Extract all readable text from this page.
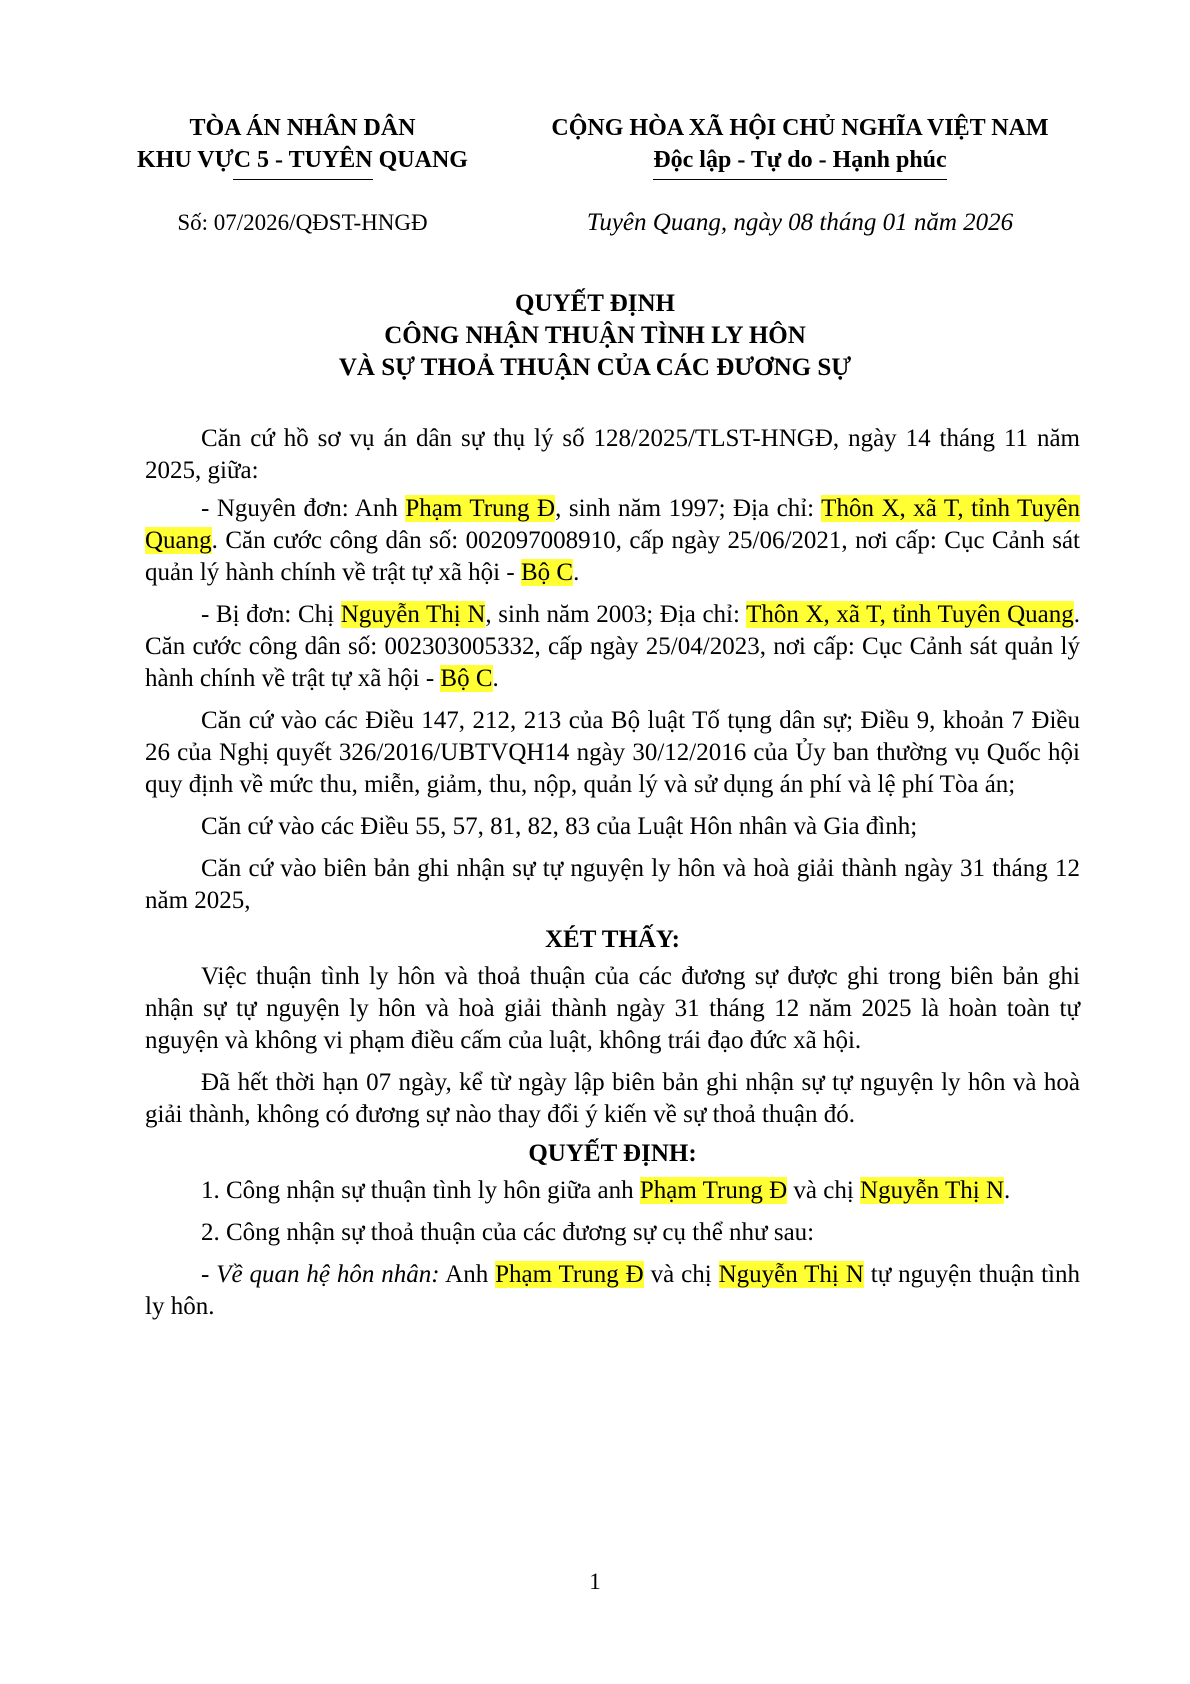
TÒA ÁN NHÂN DÂN
KHU VỰC 5 - TUYÊN QUANG
CỘNG HÒA XÃ HỘI CHỦ NGHĨA VIỆT NAM
Độc lập - Tự do - Hạnh phúc
Số: 07/2026/QĐST-HNGĐ	Tuyên Quang, ngày 08 tháng 01 năm 2026
QUYẾT ĐỊNH
CÔNG NHẬN THUẬN TÌNH LY HÔN
VÀ SỰ THOẢ THUẬN CỦA CÁC ĐƯƠNG SỰ

Căn cứ hồ sơ vụ án dân sự thụ lý số 128/2025/TLST-HNGĐ, ngày 14 tháng 11 năm 2025, giữa:

- Nguyên đơn: Anh Phạm Trung Đ, sinh năm 1997; Địa chỉ: Thôn X, xã T, tỉnh Tuyên Quang. Căn cước công dân số: 002097008910, cấp ngày 25/06/2021, nơi cấp: Cục Cảnh sát quản lý hành chính về trật tự xã hội - Bộ C.

- Bị đơn: Chị Nguyễn Thị N, sinh năm 2003; Địa chỉ: Thôn X, xã T, tỉnh Tuyên Quang. Căn cước công dân số: 002303005332, cấp ngày 25/04/2023, nơi cấp: Cục Cảnh sát quản lý hành chính về trật tự xã hội - Bộ C.

Căn cứ vào các Điều 147, 212, 213 của Bộ luật Tố tụng dân sự; Điều 9, khoản 7 Điều 26 của Nghị quyết 326/2016/UBTVQH14 ngày 30/12/2016 của Ủy ban thường vụ Quốc hội quy định về mức thu, miễn, giảm, thu, nộp, quản lý và sử dụng án phí và lệ phí Tòa án;

Căn cứ vào các Điều 55, 57, 81, 82, 83 của Luật Hôn nhân và Gia đình;

Căn cứ vào biên bản ghi nhận sự tự nguyện ly hôn và hoà giải thành ngày 31 tháng 12 năm 2025,

XÉT THẤY:

Việc thuận tình ly hôn và thoả thuận của các đương sự được ghi trong biên bản ghi nhận sự tự nguyện ly hôn và hoà giải thành ngày 31 tháng 12 năm 2025 là hoàn toàn tự nguyện và không vi phạm điều cấm của luật, không trái đạo đức xã hội.

Đã hết thời hạn 07 ngày, kể từ ngày lập biên bản ghi nhận sự tự nguyện ly hôn và hoà giải thành, không có đương sự nào thay đổi ý kiến về sự thoả thuận đó.

QUYẾT ĐỊNH:

1. Công nhận sự thuận tình ly hôn giữa anh Phạm Trung Đ và chị Nguyễn Thị N.

2. Công nhận sự thoả thuận của các đương sự cụ thể như sau:

- Về quan hệ hôn nhân: Anh Phạm Trung Đ và chị Nguyễn Thị N tự nguyện thuận tình ly hôn.

1
